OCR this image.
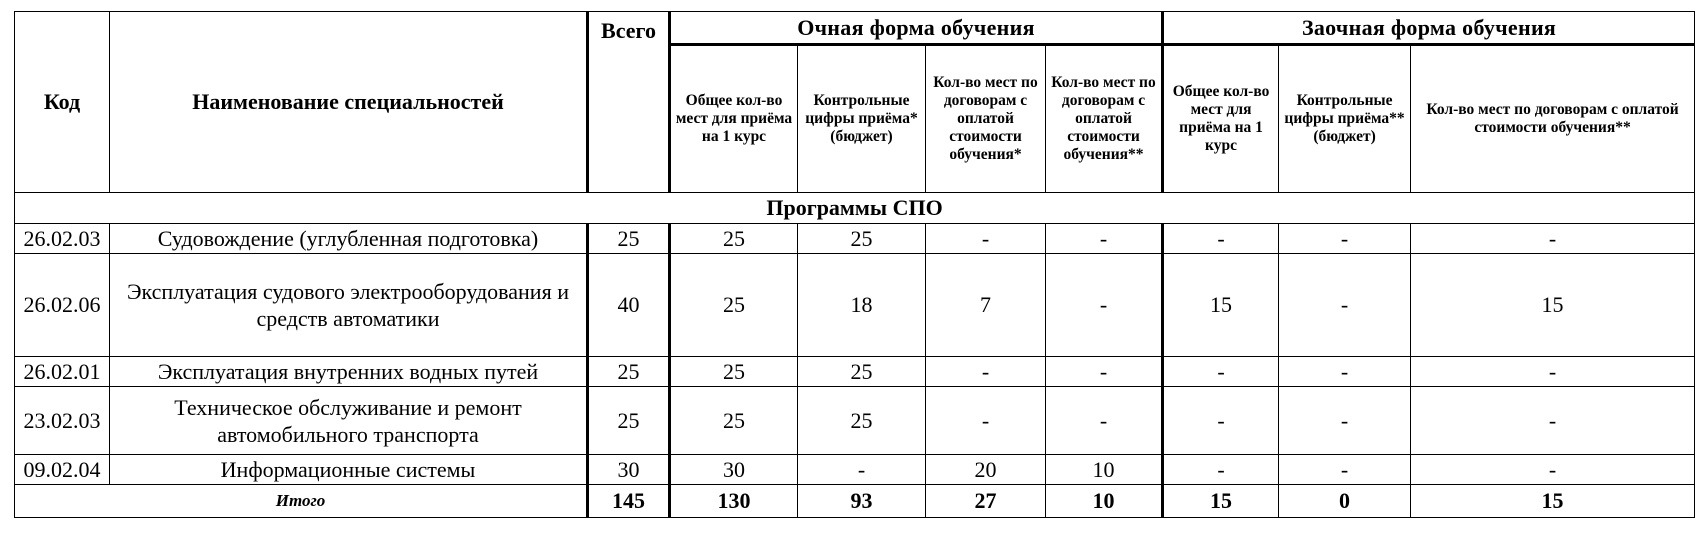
Код	Наименование специальностей	Всего	Очная форма обучения				Заочная форма обучения		
			Общее кол-во мест для приёма на 1 курс	Контрольные цифры приёма* (бюджет)	Кол-во мест по договорам с оплатой стоимости обучения*	Кол-во мест по договорам с оплатой стоимости обучения**	Общее кол-во мест для приёма на 1 курс	Контрольные цифры приёма** (бюджет)	Кол-во мест по договорам с оплатой стоимости обучения**
Программы СПО									
26.02.03	Судовождение (углубленная подготовка)	25	25	25	-	-	-	-	-
26.02.06	Эксплуатация судового электрооборудования и средств автоматики	40	25	18	7	-	15	-	15
26.02.01	Эксплуатация внутренних водных путей	25	25	25	-	-	-	-	-
23.02.03	Техническое обслуживание и ремонт автомобильного транспорта	25	25	25	-	-	-	-	-
09.02.04	Информационные системы	30	30	-	20	10	-	-	-
Итого		145	130	93	27	10	15	0	15
